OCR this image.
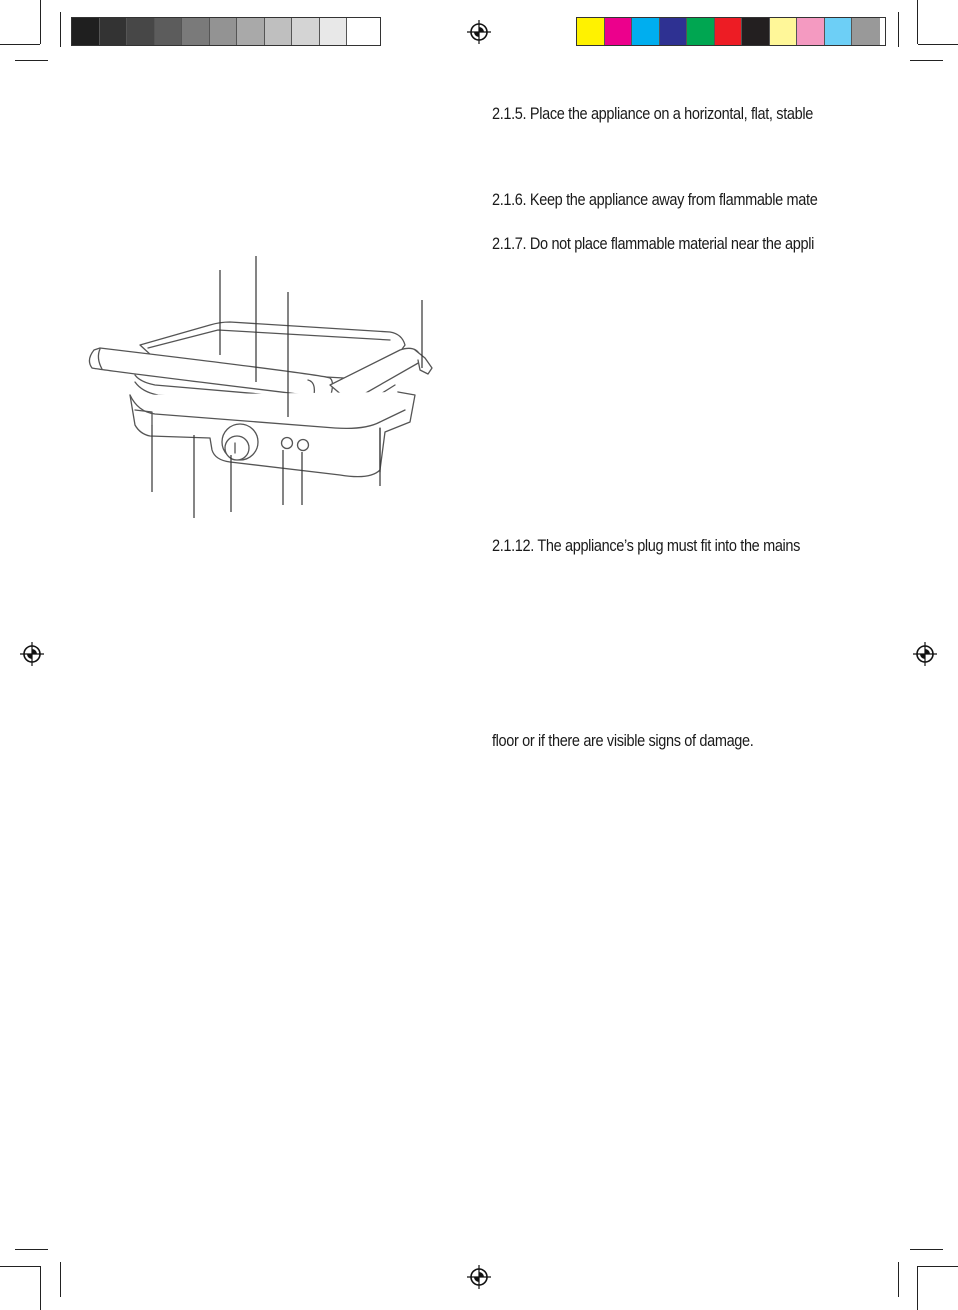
2.1.5. Place the appliance on a horizontal, flat, stable
2.1.6. Keep the appliance away from flammable mate
2.1.7. Do not place flammable material near the appli
2.1.12. The appliance’s plug must fit into the mains
floor or if there are visible signs of damage.
